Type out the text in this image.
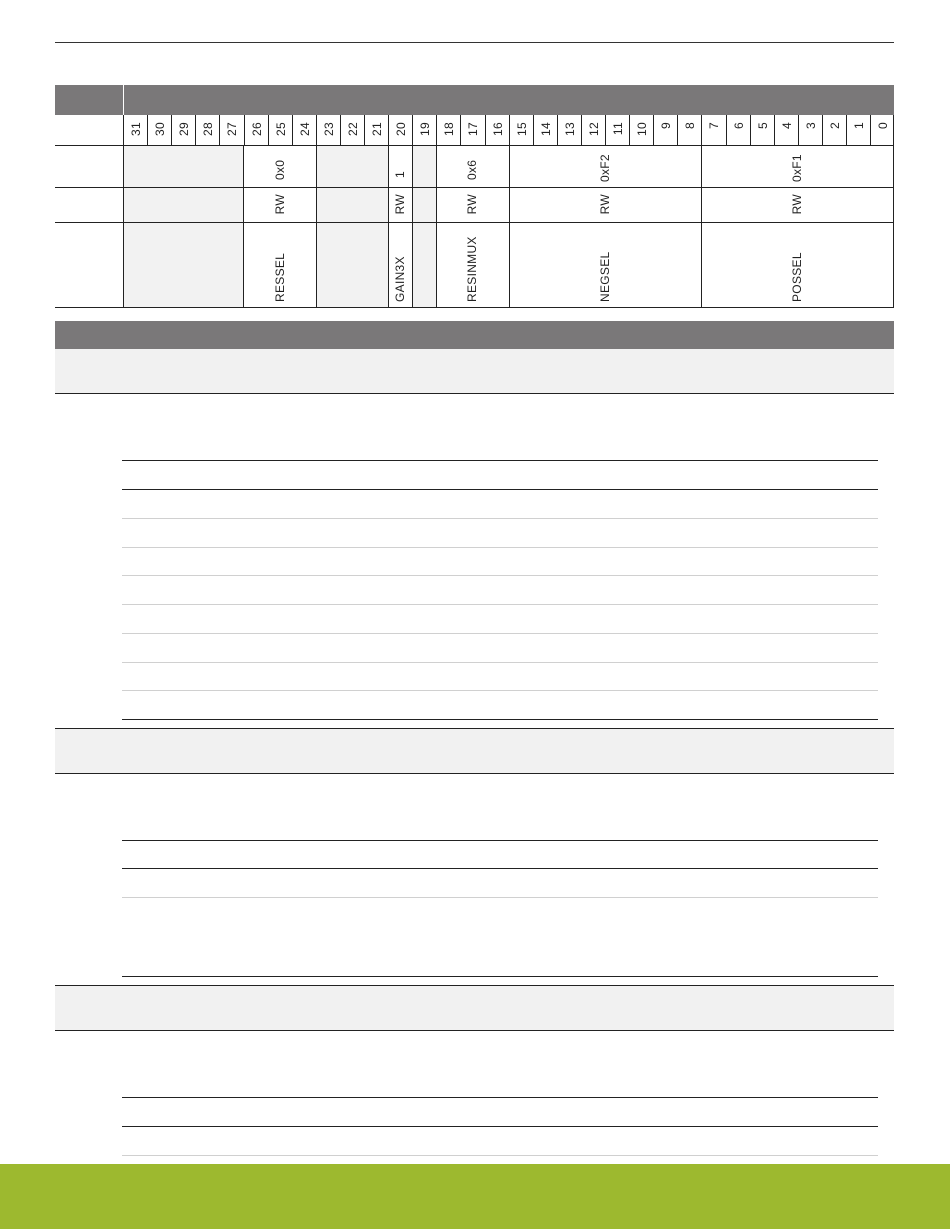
31 30 29 28 27 26 25 24 23 22 21 20 19 18 17 16 15 14 13 12 11 10 9 8 7 6 5 4 3 2 1 0
0x0	1	0x6	0xF2	0xF1
RW	RW	RW	RW	RW
RESSEL	GAIN3X	RESINMUX	NEGSEL	POSSEL
